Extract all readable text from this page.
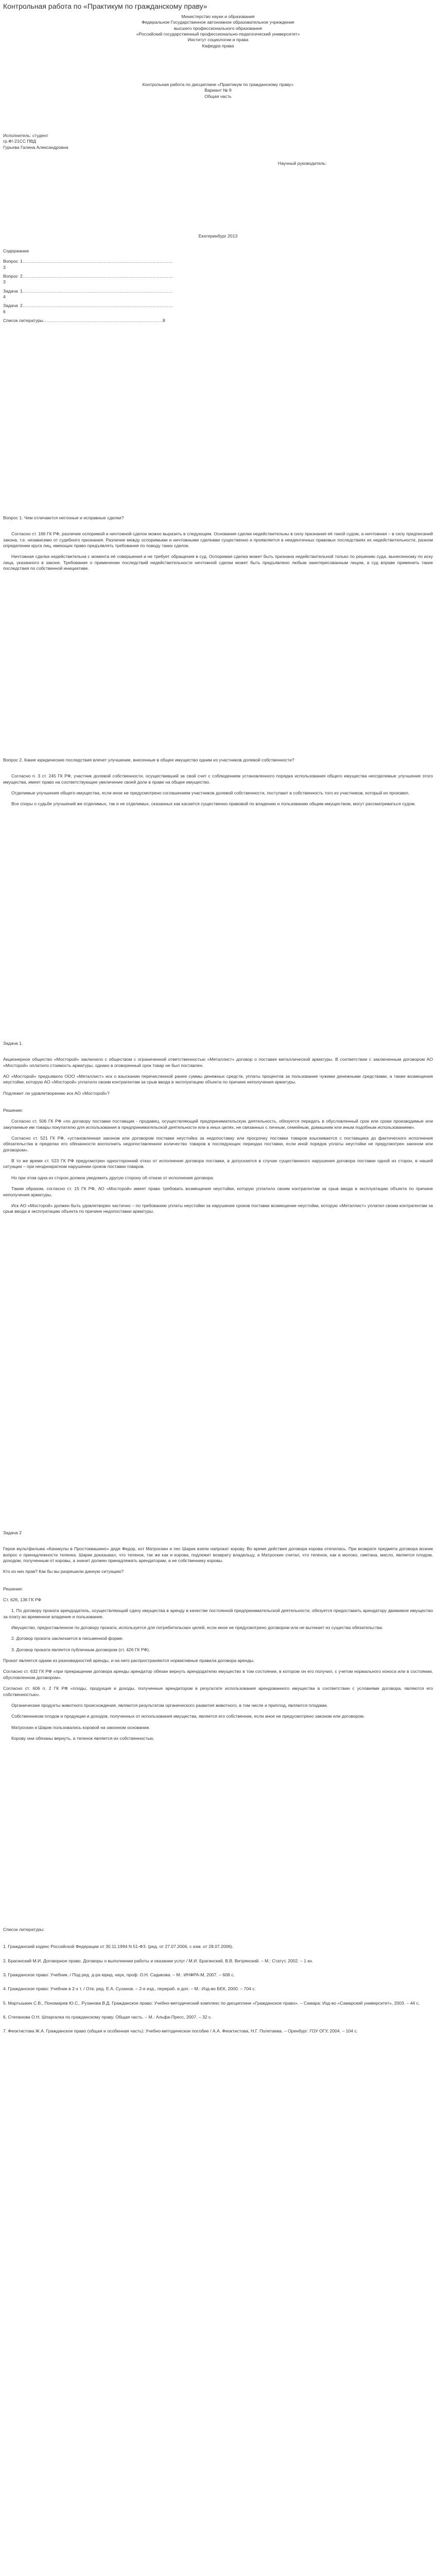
Контрольная работа по «Практикум по гражданскому праву»

Министерство науки и образования

Федеральное Государственное автономное образовательное учреждение

высшего профессионального образования

«Российский государственный профессионально-педагогический университет»

Институт социологии и права

Кафедра права

Контрольная работа по дисциплине «Практикум по гражданскому праву»

Вариант № 9

Общая часть

Исполнитель: студент

гр.Ф!-21СС ПВД

Гурьева Галина Александровна

Научный руководитель:

Екатеринбург 2013

Содержание

Вопрос 1…………………………………………………………………………………………3

Вопрос 2…………………………………………………………………………………………3

Задача 1…………………………………………………………………………………………4

Задача 2…………………………………………………………………………………………6

Список литературы………………………………………………………………………8

Вопрос 1. Чем отличаются неглоные и исправные сделки?

Согласно ст. 166 ГК РФ, различие оспоримой и ничтожной сделок можно выразить в следующем. Основания сделки недействительны в силу признания её такой судом, а ничтожная – в силу предписаний закона, т.е. независимо от судебного признания. Различие между оспоримыми и ничтожными сделками существенно и проявляется в неидентичных правовых последствиях их недействительности, разном определении круга лиц, имеющих право предъявлять требования по поводу таких сделок.

Ничтожная сделка недействительна с момента её совершения и не требует обращения в суд. Оспоримая сделка может быть признана недействительной только по решению суда, вынесенному по иску лица, указанного в законе. Требование о применении последствий недействительности ничтожной сделки может быть предъявлено любым заинтересованным лицом, а суд вправе применить такие последствия по собственной инициативе.

Вопрос 2. Какие юридические последствия влечет улучшение, внесенные в общее имущество одним из участников долевой собственности?

Согласно п. 3 ст. 245 ГК РФ, участник долевой собственности, осуществивший за свой счет с соблюдением установленного порядка использования общего имущества неотделимые улучшения этого имущества, имеет право на соответствующее увеличение своей доли в праве на общее имущество.

Отделимые улучшения общего имущества, если иное не предусмотрено соглашением участников долевой собственности, поступают в собственность того из участников, который их произвел.

Все споры о судьбе улучшений же отделимых, так и не отделимых, сказанных как касается существенно правовой по владению и пользованию общим имуществом, могут рассматриваться судом.

Задача 1.

Акционерное общество «Мосторой» заключило с обществом с ограниченной ответственностью «Металлист» договор о поставке металлической арматуры. В соответствии с заключенным договором АО «Мосторой» оплатило стоимость арматуры, однако в оговоренный срок товар не был поставлен.

АО «Мосторой» предъявило ООО «Металлист» иск о взыскании перечисленной ранее суммы денежных средств, уплаты процентов за пользование чужими денежными средствами, а также возмещения неустойки, которую АО «Мосторой» уплатило своим контрагентам за срыв ввода в эксплуатацию объекта по причине неполучения арматуры.

Подлежит ли удовлетворению иск АО «Мосторой»?

Решение:

Согласно ст. 506 ГК РФ «по договору поставки поставщик - продавец, осуществляющий предпринимательскую деятельность, обязуется передать в обусловленный срок или сроки производимые или закупаемые им товары покупателю для использования в предпринимательской деятельности или в иных целях, не связанных с личным, семейным, домашним или иным подобным использованием».

Согласно ст. 521 ГК РФ, «установленная законом или договором поставки неустойка за недопоставку или просрочку поставки товаров взыскивается с поставщика до фактического исполнения обязательства в пределах его обязанности восполнить недопоставленное количество товаров в последующих периодах поставки, если иной порядок уплаты неустойки не предусмотрен законом или договором».

В то же время ст. 523 ГК РФ предусмотрен односторонний отказ от исполнения договора поставки, в допускается в случае существенного нарушения договора поставки одной из сторон, в нашей ситуации – при неоднократном нарушении сроков поставки товаров.

Но при этом одна из сторон должна уведомить другую сторону об отказе от исполнения договора.

Таким образом, согласно ст. 15 ГК РФ, АО «Мосторой» имеет право требовать возмещения неустойки, которую уплатило своим контрагентам за срыв ввода в эксплуатацию объекта по причине неполучения арматуры.

Иск АО «Мосторой» должен быть удовлетворен частично – по требованию уплаты неустойки за нарушение сроков поставки возмещение неустойки, которую «Металлист» уплатил своим контрагентам за срыв ввода в эксплуатацию объекта по причине недопоставки арматуры.

Задача 2

Герои мультфильма «Каникулы в Простоквашино» дядя Федор, кот Матроскин и пес Шарик взяли напрокат корову. Во время действия договора корова отелилась. При возврате предмета договора возник вопрос о принадлежности теленка. Шарик доказывал, что теленок, так же как и корова, подлежит возврату владельцу, а Матроскин считал, что теленок, как и молоко, сметана, масло, является плодом, доходом, полученным от коровы, а значит должен принадлежать арендаторам, а не собственнику коровы.

Кто из них прав? Как бы вы разрешили данную ситуацию?

Решение:

Ст. 626, 136 ГК РФ

1. По договору проката арендодатель, осуществляющий сдачу имущества в аренду в качестве постоянной предпринимательской деятельности, обязуется предоставить арендатору движимое имущество за плату во временное владение и пользование.

Имущество, предоставленное по договору проката, используется для потребительских целей, если иное не предусмотрено договором или не вытекает из существа обязательства.

2. Договор проката заключается в письменной форме.

3. Договор проката является публичным договором (ст. 426 ГК РФ).

Прокат является одним из разновидностей аренды, и на него распространяются нормативные правила договора аренды.

Согласно ст. 632 ГК РФ «при прекращении договора аренды арендатор обязан вернуть арендодателю имущество в том состоянии, в котором он его получил, с учетом нормального износа или в состоянии, обусловленном договором».

Согласно ст. 606 п. 2 ГК РФ «плоды, продукция и доходы, полученные арендатором в результате использования арендованного имущества в соответствии с условиями договора, являются его собственностью».

Органические продукты животного происхождения, являются результатом органического развития животного, в том числе и приплод, являются плодами.

Собственником плодов и продукции и доходов, полученных от использования имущества, является его собственник, если иное не предусмотрено законом или договором.

Матроскин и Шарик пользовались коровой на законном основании.

Корову они обязаны вернуть, а теленок является их собственностью.

Список литературы:

1. Гражданский кодекс Российской Федерации от 30.11.1994 N 51-ФЗ. (ред. от 27.07.2006, с изм. от 28.07.2006).

2. Брагинский М.И. Договорное право. Договоры о выполнении работы и оказании услуг / М.И. Брагинский, В.В. Витрянский. – М.: Статут, 2002. – 1 кн.

3. Гражданское право: Учебник. / Под ред. д-ра юрид. наук, проф. О.Н. Садикова. – М.: ИНФРА-М, 2007. – 608 с.

4. Гражданское право: Учебник в 2-х т. / Отв. ред. Е.А. Суханов. – 2-е изд., перераб. и доп. – М.: Изд-во БЕК, 2000. – 704 с.

5. Мартышкин С.В., Пономарев Ю.С., Рузанова В.Д. Гражданское право: Учебно-методический комплекс по дисциплине «Гражданское право». – Самара: Изд-во «Самарский университет», 2003. – 44 с.

6. Степанова О.Н. Шпаргалка по гражданскому праву. Общая часть. – М.: Альфа-Пресс, 2007. – 32 с.

7. Феоктистова Ж.А. Гражданское право (общая и особенная часть): Учебно-методическое пособие / А.А. Феоктистова, Н.Г. Полетаева. – Оренбург: ГОУ ОГУ, 2004. – 104 с.
